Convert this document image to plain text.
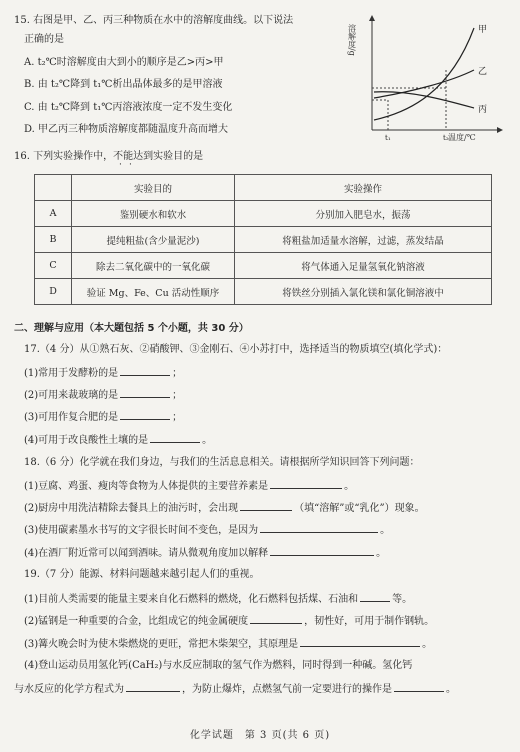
15. 右图是甲、乙、丙三种物质在水中的溶解度曲线。以下说法
正确的是
A. t₂℃时溶解度由大到小的顺序是乙>丙>甲
B. 由 t₂℃降到 t₁℃析出晶体最多的是甲溶液
C. 由 t₂℃降到 t₁℃丙溶液浓度一定不发生变化
D. 甲乙丙三种物质溶解度都随温度升高而增大
溶解度/g
温度/℃
甲
乙
丙
t₁	t₂
16. 下列实验操作中，不能达到实验目的是
· ·
	实验目的	实验操作
A	鉴别硬水和软水	分别加入肥皂水，振荡
B	提纯粗盐(含少量泥沙)	将粗盐加适量水溶解，过滤，蒸发结晶
C	除去二氧化碳中的一氧化碳	将气体通入足量氢氧化钠溶液
D	验证 Mg、Fe、Cu 活动性顺序	将铁丝分别插入氯化镁和氯化铜溶液中
二、理解与应用（本大题包括 5 个小题，共 30 分）
17.（4 分）从①熟石灰、②硝酸钾、③金刚石、④小苏打中，选择适当的物质填空(填化学式)：
(1)常用于发酵粉的是	；
(2)可用来裁玻璃的是	；
(3)可用作复合肥的是	；
(4)可用于改良酸性土壤的是	。
18.（6 分）化学就在我们身边，与我们的生活息息相关。请根据所学知识回答下列问题：
(1)豆腐、鸡蛋、瘦肉等食物为人体提供的主要营养素是	。
(2)厨房中用洗洁精除去餐具上的油污时，会出现	（填“溶解”或“乳化”）现象。
(3)使用碳素墨水书写的文字很长时间不变色，是因为	。
(4)在酒厂附近常可以闻到酒味。请从微观角度加以解释	。
19.（7 分）能源、材料问题越来越引起人们的重视。
(1)目前人类需要的能量主要来自化石燃料的燃烧，化石燃料包括煤、石油和	等。
(2)锰钢是一种重要的合金，比组成它的纯金属硬度	，韧性好，可用于制作钢轨。
(3)篝火晚会时为使木柴燃烧的更旺，常把木柴架空，其原理是	。
(4)登山运动员用氢化钙(CaH₂)与水反应制取的氢气作为燃料，同时得到一种碱。氢化钙
与水反应的化学方程式为	，为防止爆炸，点燃氢气前一定要进行的操作是	。
化学试题　第 3 页(共 6 页)
